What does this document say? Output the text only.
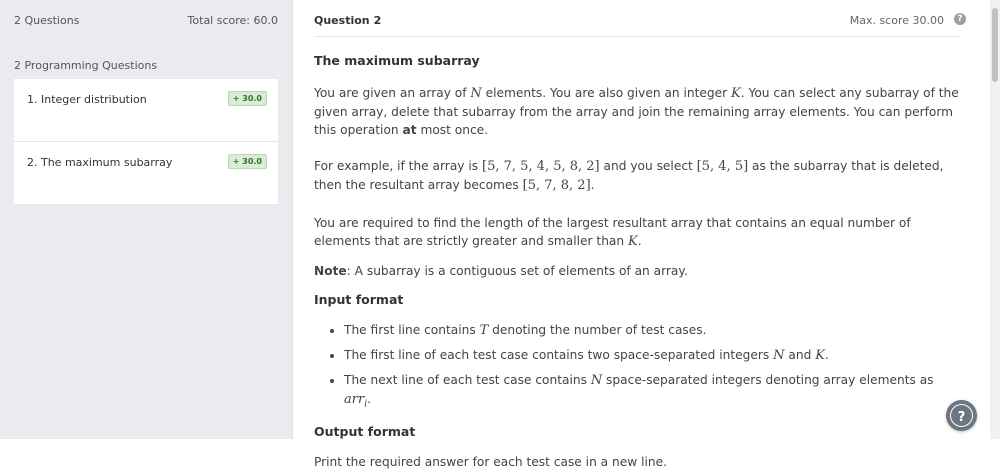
2 Questions	Total score: 60.0
2 Programming Questions
1. Integer distribution	+ 30.0
2. The maximum subarray	+ 30.0
Question 2	Max. score 30.00	?
The maximum subarray

You are given an array of N elements. You are also given an integer K. You can select any subarray of the given array, delete that subarray from the array and join the remaining array elements. You can perform this operation at most once.

For example, if the array is [5, 7, 5, 4, 5, 8, 2] and you select [5, 4, 5] as the subarray that is deleted, then the resultant array becomes [5, 7, 8, 2].

You are required to find the length of the largest resultant array that contains an equal number of elements that are strictly greater and smaller than K.

Note: A subarray is a contiguous set of elements of an array.

Input format
• The first line contains T denoting the number of test cases.
• The first line of each test case contains two space-separated integers N and K.
• The next line of each test case contains N space-separated integers denoting array elements as arr$_i$.
Output format

Print the required answer for each test case in a new line.

?
